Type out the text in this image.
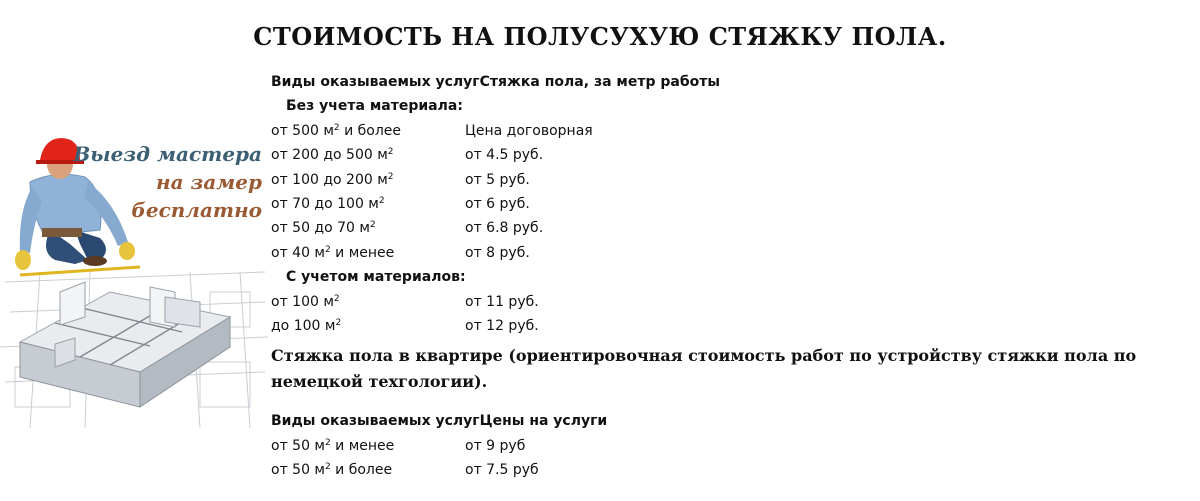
СТОИМОСТЬ НА ПОЛУСУХУЮ СТЯЖКУ ПОЛА.
Выезд мастера
на замер
бесплатно
Виды оказываемых услуг Стяжка пола, за метр работы
Без учета материала:
от 500 $м^2$ и более	Цена договорная
от 200 до 500 $м^2$	от 4.5 руб.
от 100 до 200 $м^2$	от 5 руб.
от 70 до 100 $м^2$	от 6 руб.
от 50 до 70 $м^2$	от 6.8 руб.
от 40 $м^2$ и менее	от 8 руб.
С учетом материалов:
от 100 $м^2$	от 11 руб.
до 100 $м^2$	от 12 руб.
Стяжка пола в квартире (ориентировочная стоимость работ по устройству стяжки пола по немецкой техгологии).
Виды оказываемых услуг Цены на услуги
от 50 $м^2$ и менее	от 9 руб
от 50 $м^2$ и более	от 7.5 руб
